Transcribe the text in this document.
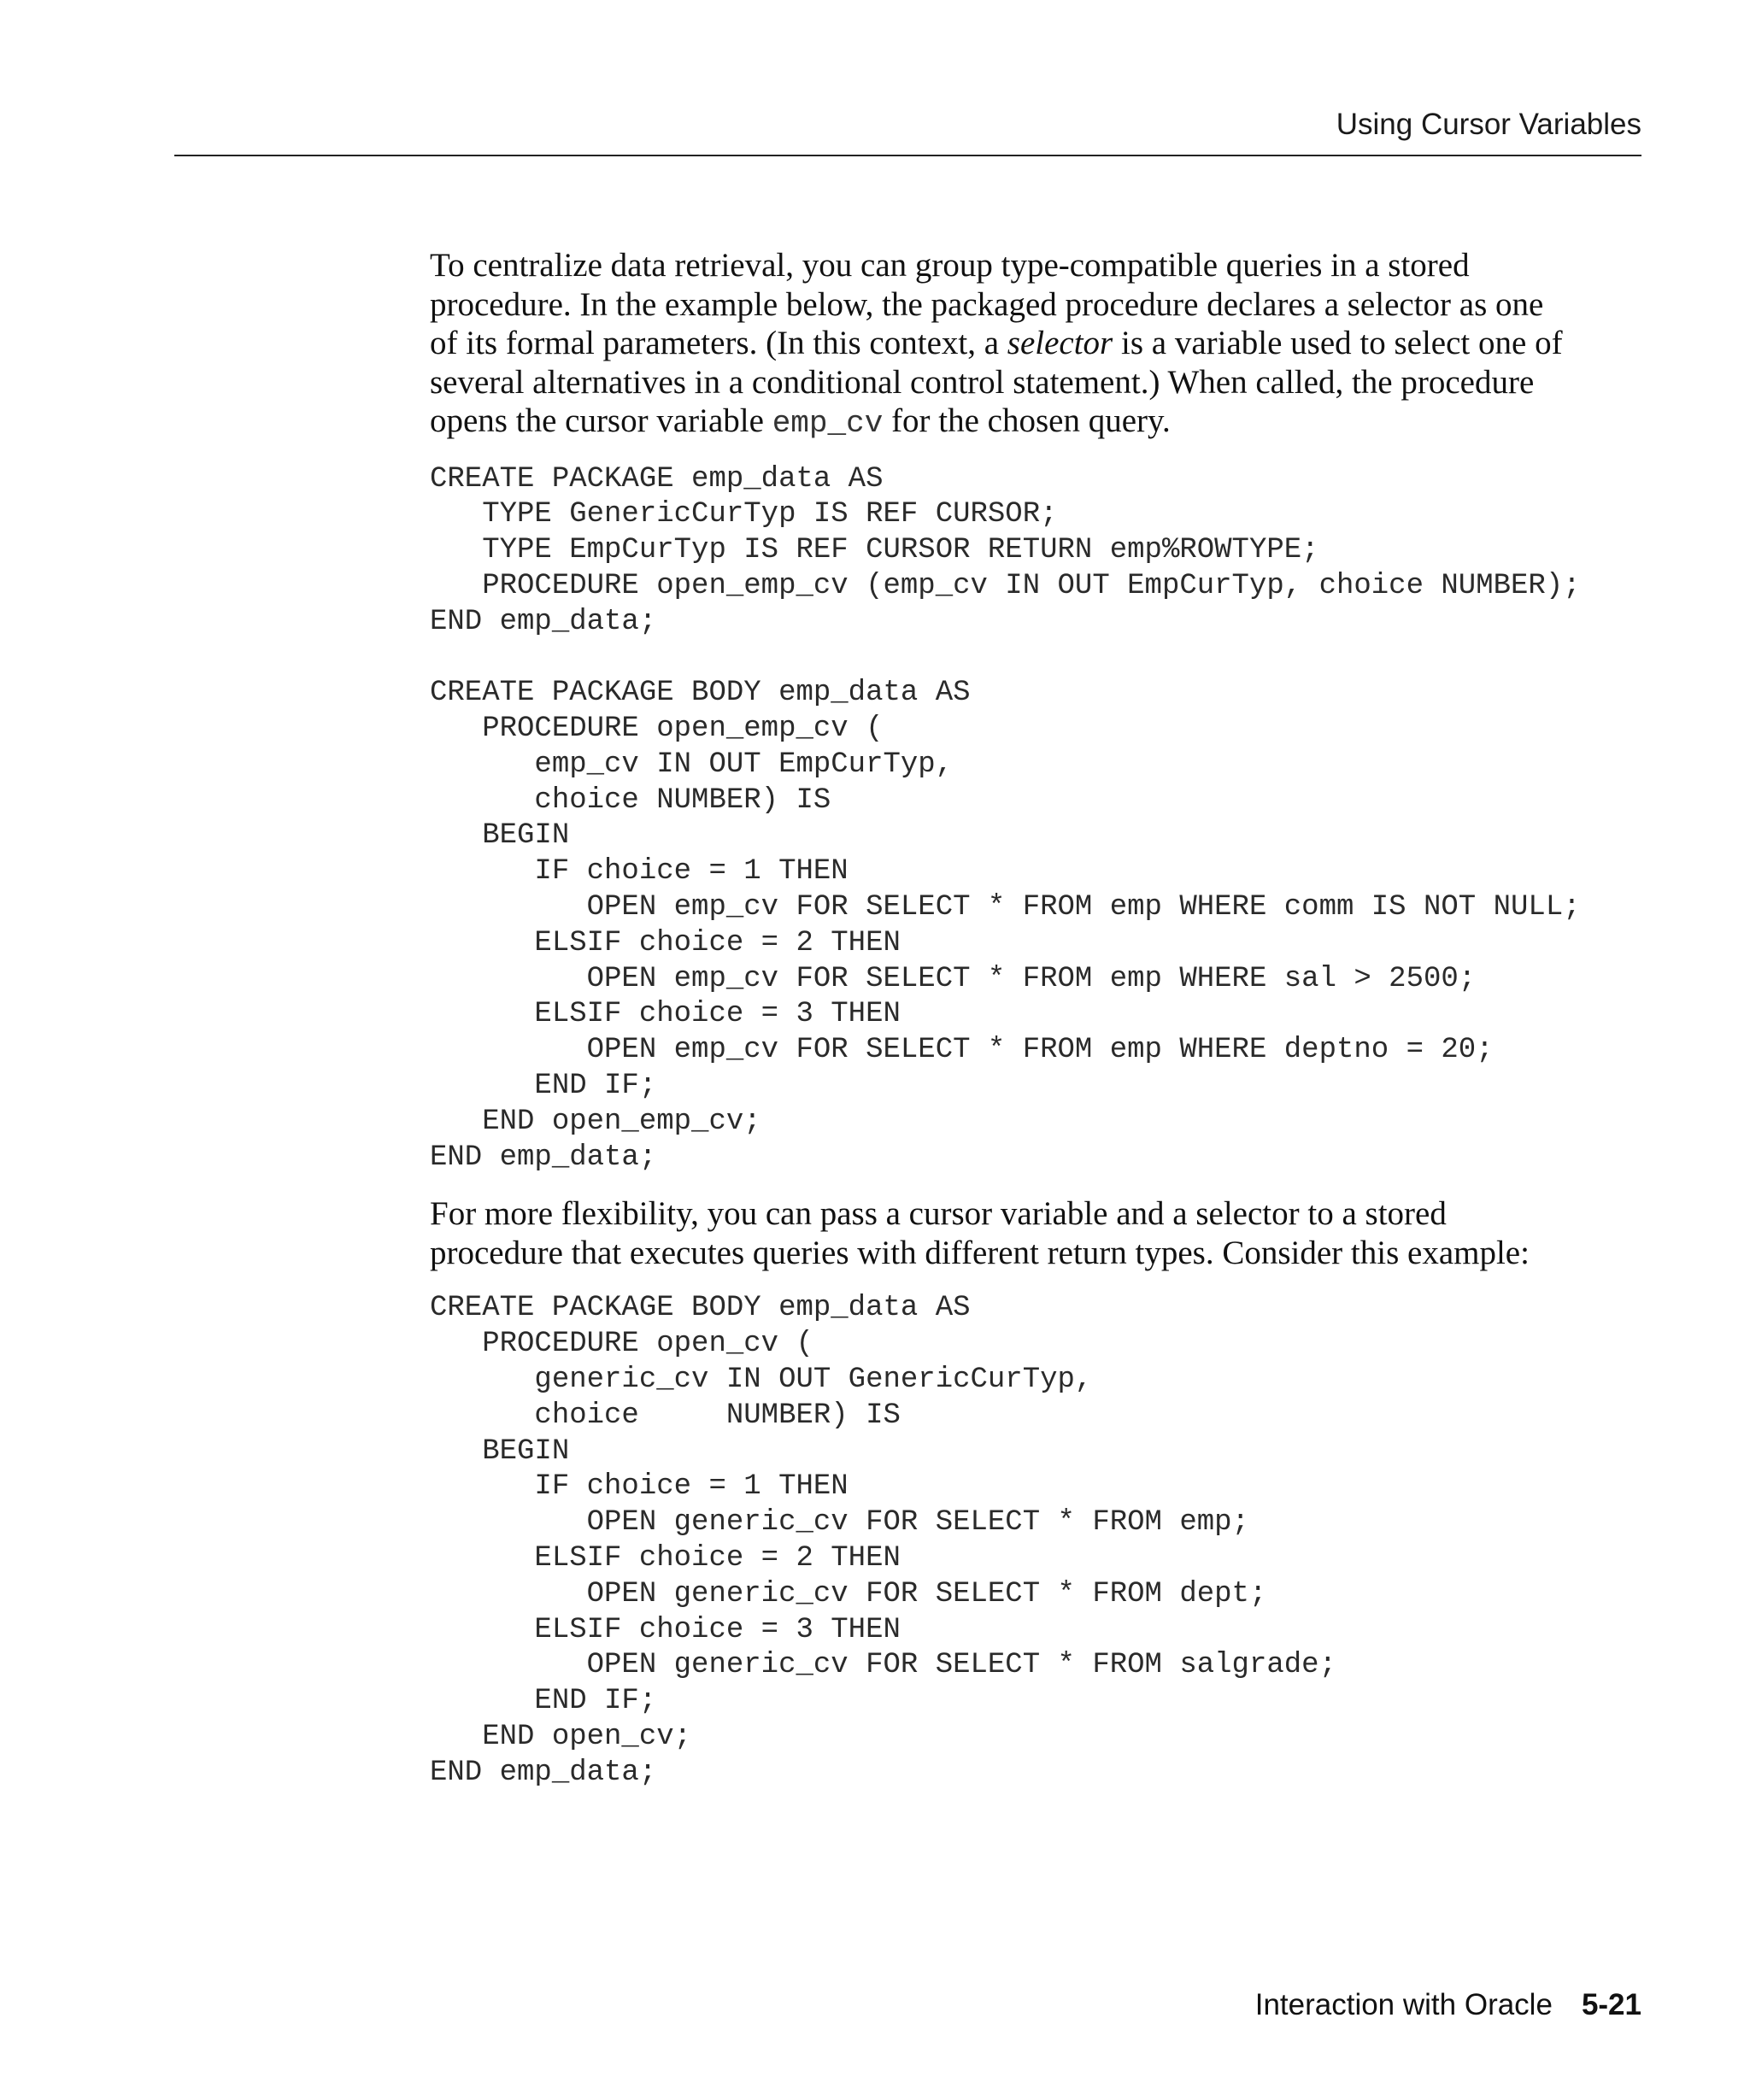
Using Cursor Variables

To centralize data retrieval, you can group type-compatible queries in a stored
procedure. In the example below, the packaged procedure declares a selector as one
of its formal parameters. (In this context, a selector is a variable used to select one of
several alternatives in a conditional control statement.) When called, the procedure
opens the cursor variable emp_cv for the chosen query.

CREATE PACKAGE emp_data AS
TYPE GenericCurTyp IS REF CURSOR;
TYPE EmpCurTyp IS REF CURSOR RETURN emp%ROWTYPE;
PROCEDURE open_emp_cv (emp_cv IN OUT EmpCurTyp, choice NUMBER);
END emp_data;
CREATE PACKAGE BODY emp_data AS
PROCEDURE open_emp_cv (
emp_cv IN OUT EmpCurTyp,
choice NUMBER) IS
BEGIN
IF choice = 1 THEN
OPEN emp_cv FOR SELECT * FROM emp WHERE comm IS NOT NULL;
ELSIF choice = 2 THEN
OPEN emp_cv FOR SELECT * FROM emp WHERE sal > 2500;
ELSIF choice = 3 THEN
OPEN emp_cv FOR SELECT * FROM emp WHERE deptno = 20;
END IF;
END open_emp_cv;
END emp_data;

For more flexibility, you can pass a cursor variable and a selector to a stored
procedure that executes queries with different return types. Consider this example:

CREATE PACKAGE BODY emp_data AS
PROCEDURE open_cv (
generic_cv IN OUT GenericCurTyp,
choice     NUMBER) IS
BEGIN
IF choice = 1 THEN
OPEN generic_cv FOR SELECT * FROM emp;
ELSIF choice = 2 THEN
OPEN generic_cv FOR SELECT * FROM dept;
ELSIF choice = 3 THEN
OPEN generic_cv FOR SELECT * FROM salgrade;
END IF;
END open_cv;
END emp_data;
Interaction with Oracle 5-21
